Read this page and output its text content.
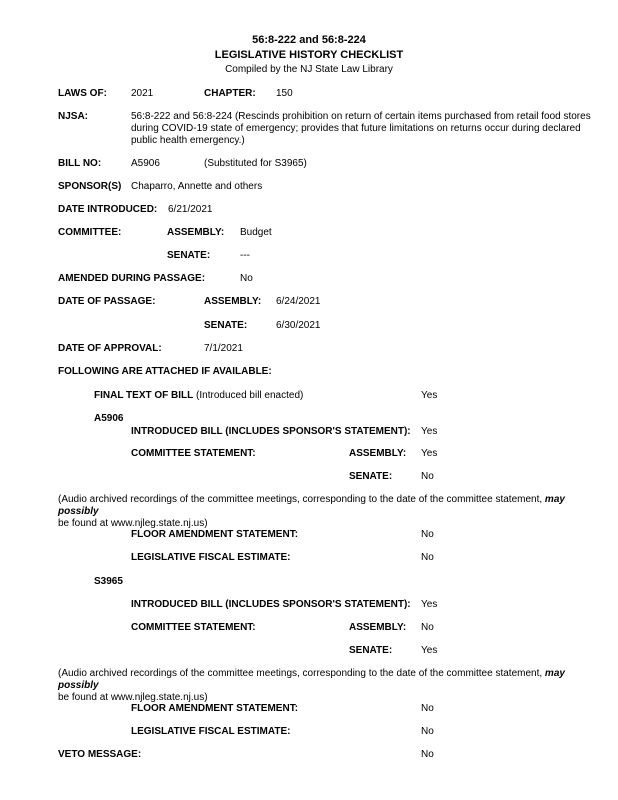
56:8-222 and 56:8-224
LEGISLATIVE HISTORY CHECKLIST
Compiled by the NJ State Law Library
LAWS OF: 2021	CHAPTER: 150
NJSA:	56:8-222 and 56:8-224 (Rescinds prohibition on return of certain items purchased from retail food stores during COVID-19 state of emergency; provides that future limitations on returns occur during declared public health emergency.)
BILL NO:	A5906	(Substituted for S3965)
SPONSOR(S) Chaparro, Annette and others
DATE INTRODUCED: 6/21/2021
COMMITTEE:	ASSEMBLY: Budget
SENATE:	---
AMENDED DURING PASSAGE:	No
DATE OF PASSAGE:	ASSEMBLY: 6/24/2021
SENATE:	6/30/2021
DATE OF APPROVAL:	7/1/2021
FOLLOWING ARE ATTACHED IF AVAILABLE:
FINAL TEXT OF BILL (Introduced bill enacted)	Yes
A5906
INTRODUCED BILL (INCLUDES SPONSOR'S STATEMENT): Yes
COMMITTEE STATEMENT:	ASSEMBLY: Yes
SENATE:	No
(Audio archived recordings of the committee meetings, corresponding to the date of the committee statement, may possibly
be found at www.njleg.state.nj.us)
FLOOR AMENDMENT STATEMENT:	No
LEGISLATIVE FISCAL ESTIMATE:	No
S3965
INTRODUCED BILL (INCLUDES SPONSOR'S STATEMENT): Yes
COMMITTEE STATEMENT:	ASSEMBLY: No
SENATE:	Yes
(Audio archived recordings of the committee meetings, corresponding to the date of the committee statement, may possibly
be found at www.njleg.state.nj.us)
FLOOR AMENDMENT STATEMENT:	No
LEGISLATIVE FISCAL ESTIMATE:	No
VETO MESSAGE:	No
